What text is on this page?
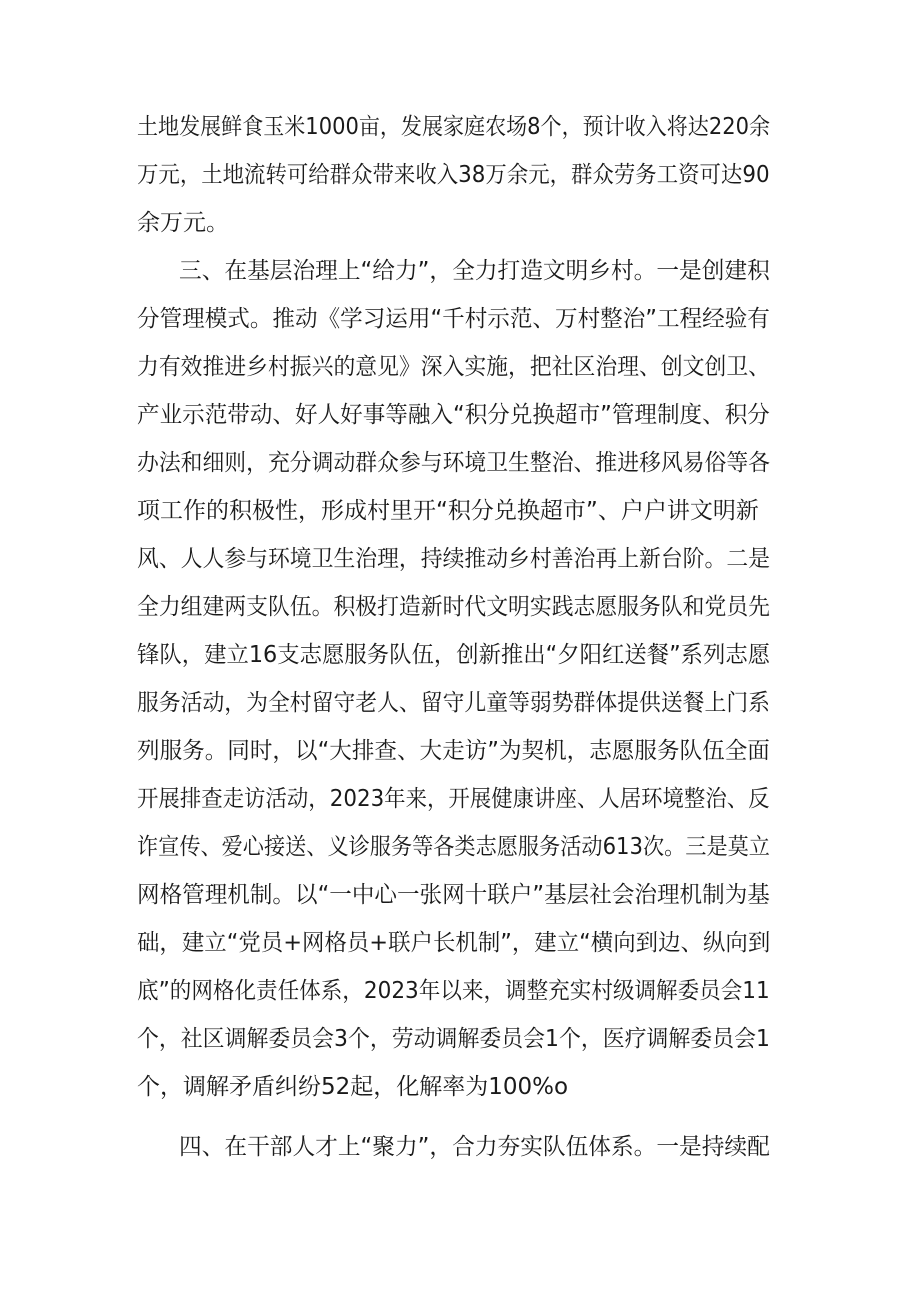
土地发展鲜食玉米1000亩，发展家庭农场8个，预计收入将达220余
万元，土地流转可给群众带来收入38万余元，群众劳务工资可达90
余万元。
三、在基层治理上“给力”，全力打造文明乡村。一是创建积
分管理模式。推动《学习运用“千村示范、万村整治”工程经验有
力有效推进乡村振兴的意见》深入实施，把社区治理、创文创卫、
产业示范带动、好人好事等融入“积分兑换超市”管理制度、积分
办法和细则，充分调动群众参与环境卫生整治、推进移风易俗等各
项工作的积极性，形成村里开“积分兑换超市”、户户讲文明新
风、人人参与环境卫生治理，持续推动乡村善治再上新台阶。二是
全力组建两支队伍。积极打造新时代文明实践志愿服务队和党员先
锋队，建立16支志愿服务队伍，创新推出“夕阳红送餐”系列志愿
服务活动，为全村留守老人、留守儿童等弱势群体提供送餐上门系
列服务。同时，以“大排查、大走访”为契机，志愿服务队伍全面
开展排查走访活动，2023年来，开展健康讲座、人居环境整治、反
诈宣传、爱心接送、义诊服务等各类志愿服务活动613次。三是莫立
网格管理机制。以“一中心一张网十联户”基层社会治理机制为基
础，建立“党员+网格员+联户长机制”，建立“横向到边、纵向到
底”的网格化责任体系，2023年以来，调整充实村级调解委员会11
个，社区调解委员会3个，劳动调解委员会1个，医疗调解委员会1
个，调解矛盾纠纷52起，化解率为100%o
四、在干部人才上“聚力”，合力夯实队伍体系。一是持续配
